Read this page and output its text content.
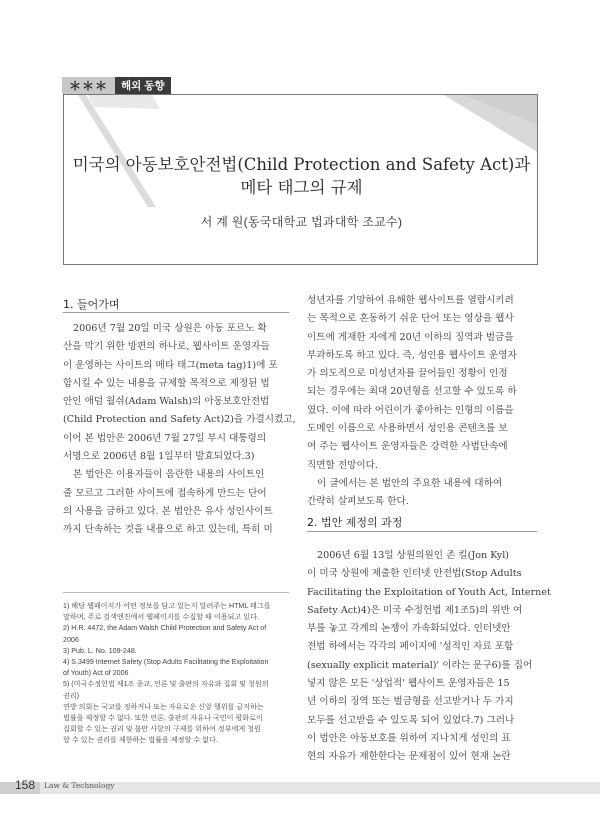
＊＊＊	해외 동향
미국의 아동보호안전법(Child Protection and Safety Act)과
메타 태그의 규제
서 계 원(동국대학교 법과대학 조교수)
1. 들어가며
2006년 7월 20일 미국 상원은 아동 포르노 확
산을 막기 위한 방편의 하나로, 웹사이트 운영자들
이 운영하는 사이트의 메타 태그(meta tag)1)에 포
함시킬 수 있는 내용을 규제할 목적으로 제정된 법
안인 애덤 월쉬(Adam Walsh)의 아동보호안전법
(Child Protection and Safety Act)2)을 가결시켰고,
이어 본 법안은 2006년 7월 27일 부시 대통령의
서명으로 2006년 8월 1일부터 발효되었다.3)
본 법안은 이용자들이 음란한 내용의 사이트인
줄 모르고 그러한 사이트에 접속하게 만드는 단어
의 사용을 금하고 있다. 본 법안은 유사 성인사이트
까지 단속하는 것을 내용으로 하고 있는데, 특히 미
1) 해당 웹페이지가 어떤 정보를 담고 있는지 알려주는 HTML 태그를
말하며, 주로 검색엔진에서 웹페이지를 수집할 때 이용되고 있다.
2) H.R. 4472, the Adam Walsh Child Protection and Safety Act of
2006
3) Pub. L. No. 109-248.
4) S.3499 Internet Safety (Stop Adults Facilitating the Exploitation
of Youth) Act of 2006
5) (미국수정헌법 제1조 종교, 언론 및 출판의 자유와 집회 및 청원의
권리)
연방 의회는 국교를 정하거나 또는 자유로운 신앙 행위를 금지하는
법률을 제정할 수 없다. 또한 언론, 출판의 자유나 국민이 평화로이
집회할 수 있는 권리 및 불만 사항의 구제를 위하여 정부에게 청원
할 수 있는 권리를 제한하는 법률을 제정할 수 없다.
성년자를 기망하여 유해한 웹사이트를 열람시키려
는 목적으로 혼동하기 쉬운 단어 또는 영상을 웹사
이트에 게재한 자에게 20년 이하의 징역과 벌금을
부과하도록 하고 있다. 즉, 성인용 웹사이트 운영자
가 의도적으로 미성년자를 끌어들인 정황이 인정
되는 경우에는 최대 20년형을 선고할 수 있도록 하
였다. 이에 따라 어린이가 좋아하는 인형의 이름을
도메인 이름으로 사용하면서 성인용 콘텐츠를 보
여 주는 웹사이트 운영자들은 강력한 사법단속에
직면할 전망이다.
이 글에서는 본 법안의 주요한 내용에 대하여
간략히 살펴보도록 한다.
2. 법안 제정의 과정
2006년 6월 13일 상원의원인 존 킬(Jon Kyl)
이 미국 상원에 제출한 인터넷 안전법(Stop Adults
Facilitating the Exploitation of Youth Act, Internet
Safety Act)4)은 미국 수정헌법 제1조5)의 위반 여
부를 놓고 각계의 논쟁이 가속화되었다. 인터넷안
전법 하에서는 각각의 페이지에 '성적인 자료 포함
(sexually explicit material)' 이라는 문구6)를 집어
넣지 않은 모든 '상업적' 웹사이트 운영자들은 15
년 이하의 징역 또는 벌금형을 선고받거나 두 가지
모두를 선고받을 수 있도록 되어 있었다.7) 그러나
이 법안은 아동보호를 위하여 지나치게 성인의 표
현의 자유가 제한한다는 문제점이 있어 현재 논란
158 Law & Technology
